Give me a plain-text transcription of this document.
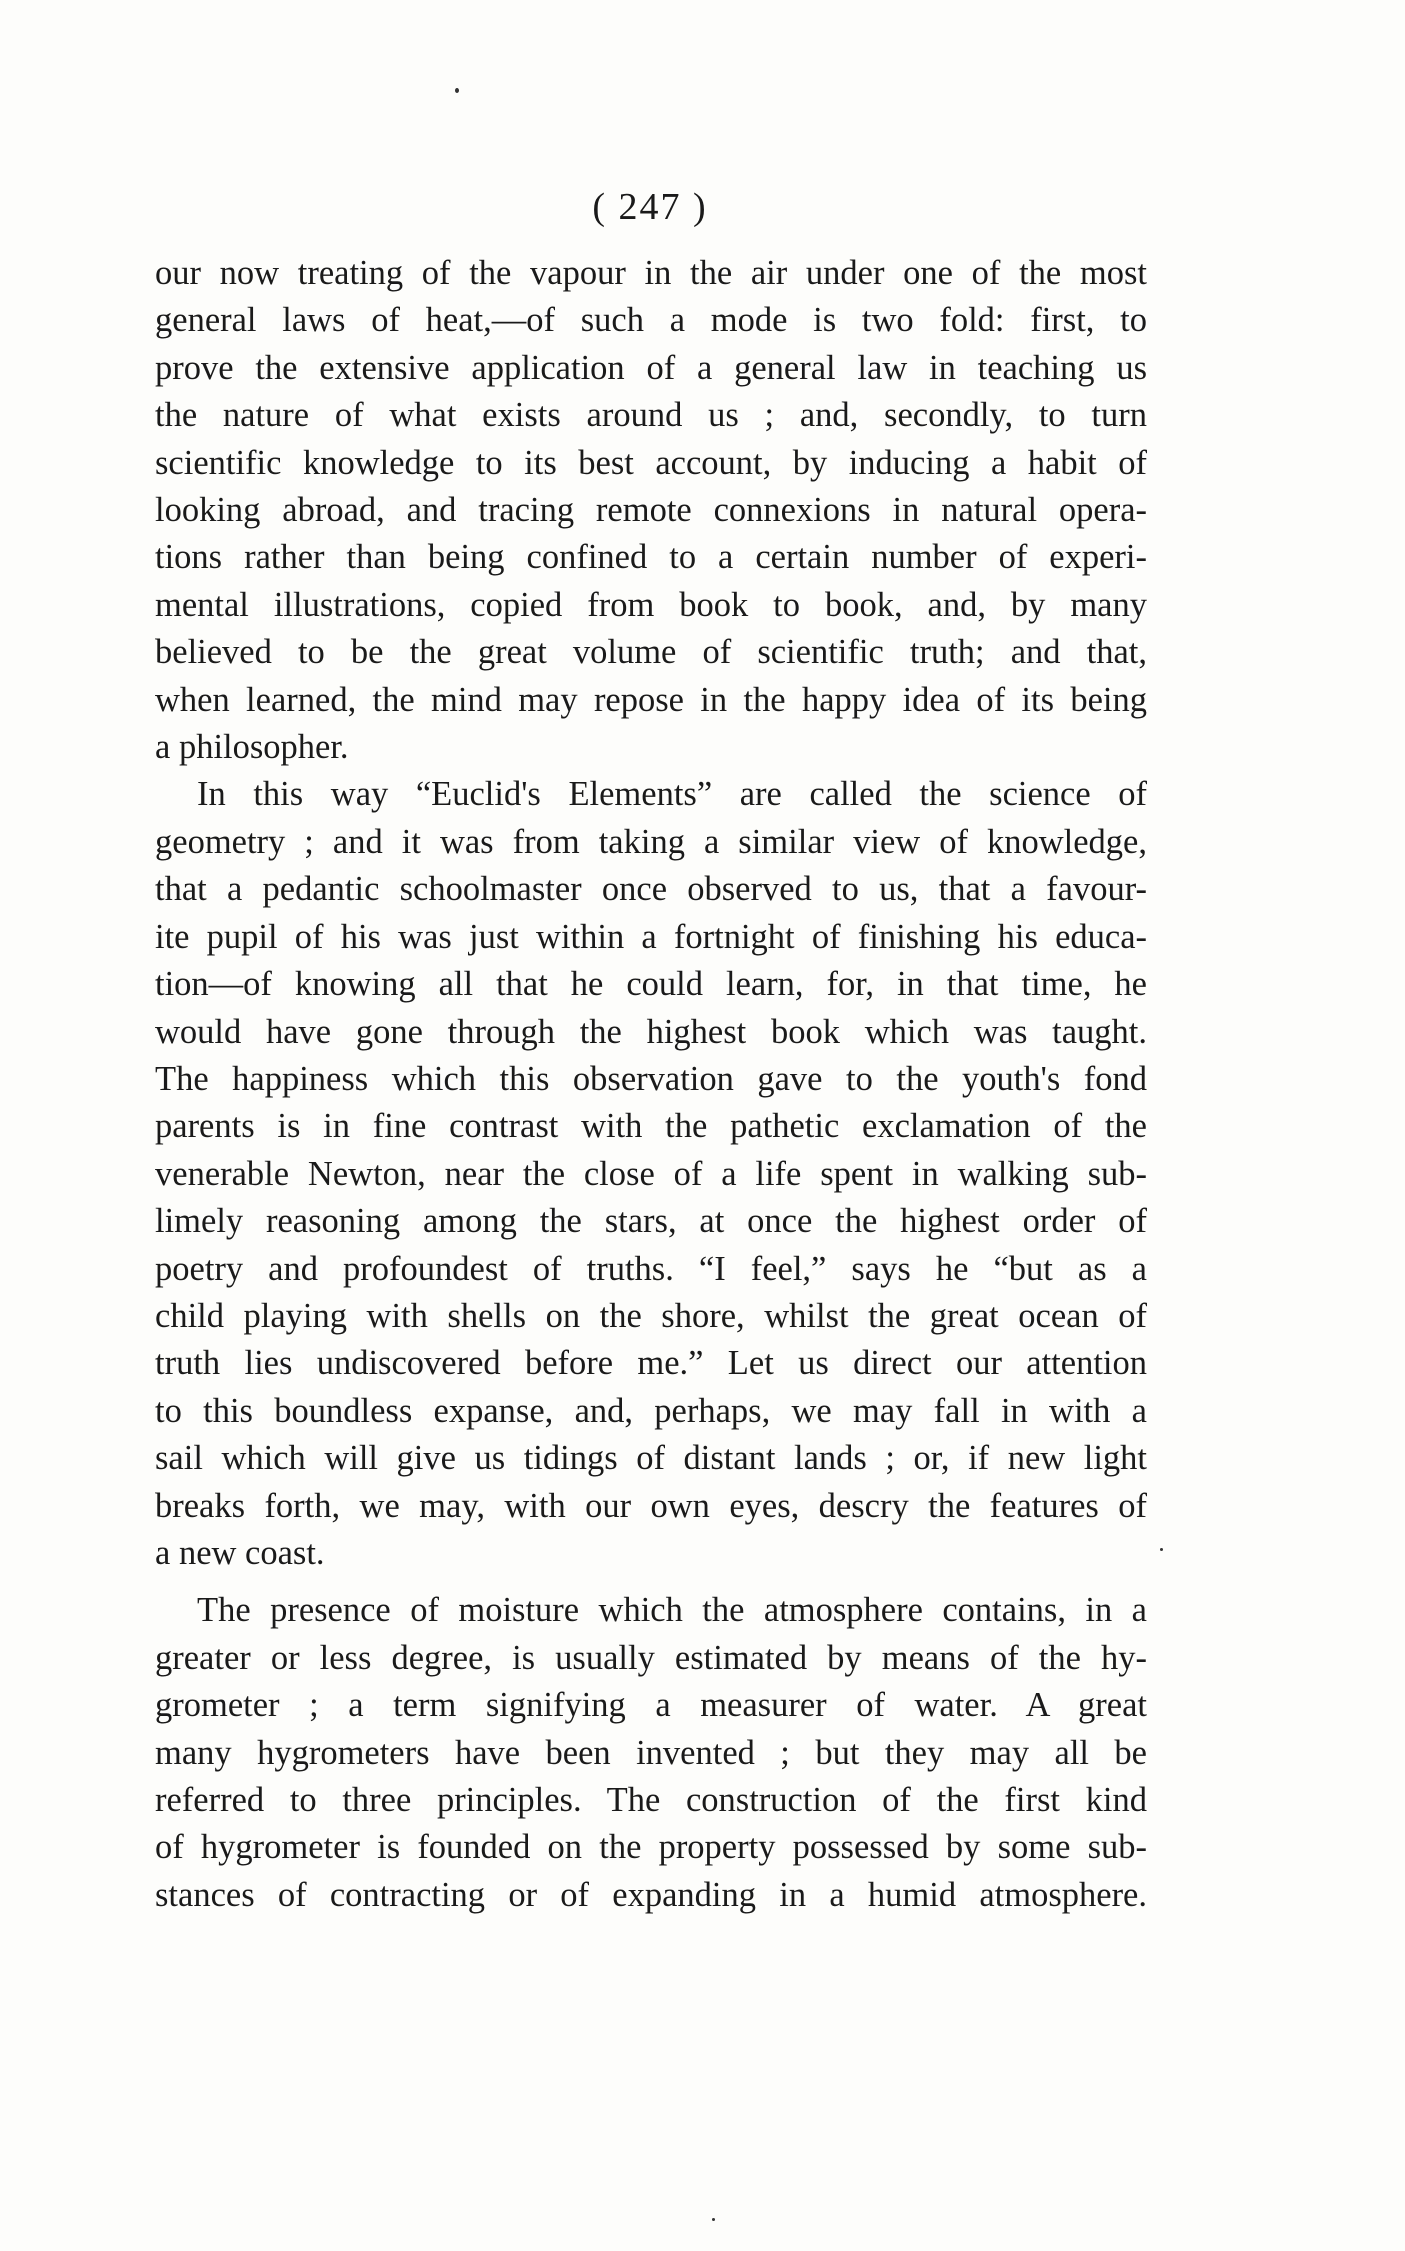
( 247 )
our now treating of the vapour in the air under one of the most
general laws of heat,—of such a mode is two fold: first, to
prove the extensive application of a general law in teaching us
the nature of what exists around us ; and, secondly, to turn
scientific knowledge to its best account, by inducing a habit of
looking abroad, and tracing remote connexions in natural opera-
tions rather than being confined to a certain number of experi-
mental illustrations, copied from book to book, and, by many
believed to be the great volume of scientific truth; and that,
when learned, the mind may repose in the happy idea of its being
a philosopher.
In this way “Euclid's Elements” are called the science of
geometry ; and it was from taking a similar view of knowledge,
that a pedantic schoolmaster once observed to us, that a favour-
ite pupil of his was just within a fortnight of finishing his educa-
tion—of knowing all that he could learn, for, in that time, he
would have gone through the highest book which was taught.
The happiness which this observation gave to the youth's fond
parents is in fine contrast with the pathetic exclamation of the
venerable Newton, near the close of a life spent in walking sub-
limely reasoning among the stars, at once the highest order of
poetry and profoundest of truths. “I feel,” says he “but as a
child playing with shells on the shore, whilst the great ocean of
truth lies undiscovered before me.” Let us direct our attention
to this boundless expanse, and, perhaps, we may fall in with a
sail which will give us tidings of distant lands ; or, if new light
breaks forth, we may, with our own eyes, descry the features of
a new coast.
The presence of moisture which the atmosphere contains, in a
greater or less degree, is usually estimated by means of the hy-
grometer ; a term signifying a measurer of water. A great
many hygrometers have been invented ; but they may all be
referred to three principles. The construction of the first kind
of hygrometer is founded on the property possessed by some sub-
stances of contracting or of expanding in a humid atmosphere.
